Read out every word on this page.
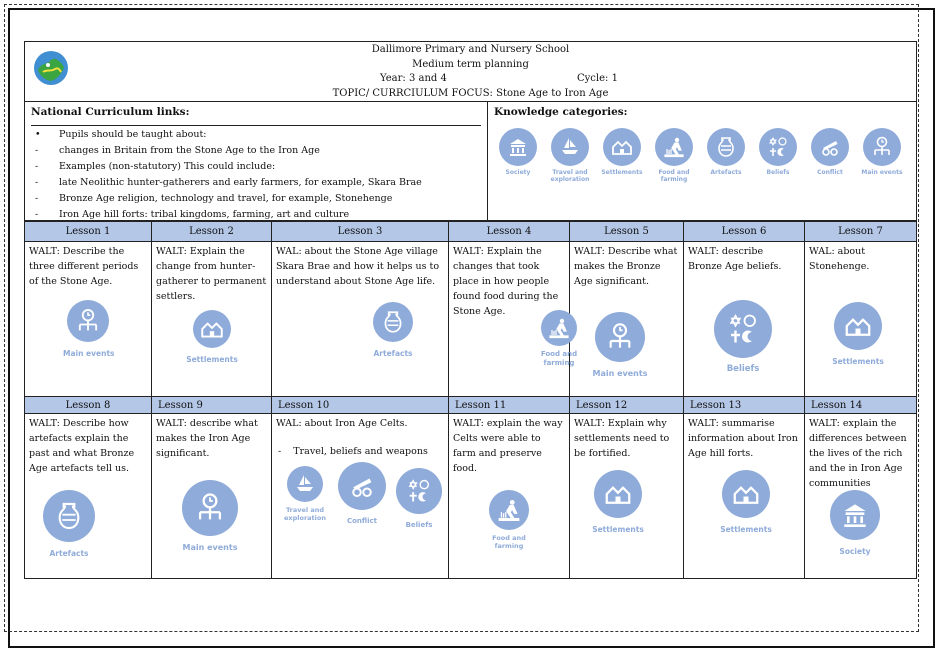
Dallimore Primary and Nursery School
Medium term planning
Year: 3 and 4	Cycle: 1
TOPIC/ CURRCIULUM FOCUS: Stone Age to Iron Age
National Curriculum links:
• Pupils should be taught about:
- changes in Britain from the Stone Age to the Iron Age
- Examples (non-statutory) This could include:
- late Neolithic hunter-gatherers and early farmers, for example, Skara Brae
- Bronze Age religion, technology and travel, for example, Stonehenge
- Iron Age hill forts: tribal kingdoms, farming, art and culture
Knowledge categories:
Society	Travel and exploration
Settlements	Food and farming
Artefacts	Beliefs	Conflict	Main events
Lesson 1	Lesson 2	Lesson 3	Lesson 4	Lesson 5	Lesson 6	Lesson 7
WALT: Describe the three different periods of the Stone Age.
Main events
WALT: Explain the change from hunter-gatherer to permanent settlers.
Settlements
WAL: about the Stone Age village Skara Brae and how it helps us to understand about Stone Age life.
Artefacts
WALT: Explain the changes that took place in how people found food during the Stone Age.
Food and farming
WALT: Describe what makes the Bronze Age significant.
Main events
WALT: describe Bronze Age beliefs.
Beliefs
WAL: about Stonehenge.
Settlements
Lesson 8	Lesson 9	Lesson 10	Lesson 11	Lesson 12	Lesson 13	Lesson 14
WALT: Describe how artefacts explain the past and what Bronze Age artefacts tell us.
Artefacts
WALT: describe what makes the Iron Age significant.
Main events
WAL: about Iron Age Celts.
-    Travel, beliefs and weapons
Travel and exploration	Conflict	Beliefs
WALT: explain the way Celts were able to farm and preserve food.
Food and farming
WALT: Explain why settlements need to be fortified.
Settlements
WALT: summarise information about Iron Age hill forts.
Settlements
WALT: explain the differences between the lives of the rich and the in Iron Age communities
Society
